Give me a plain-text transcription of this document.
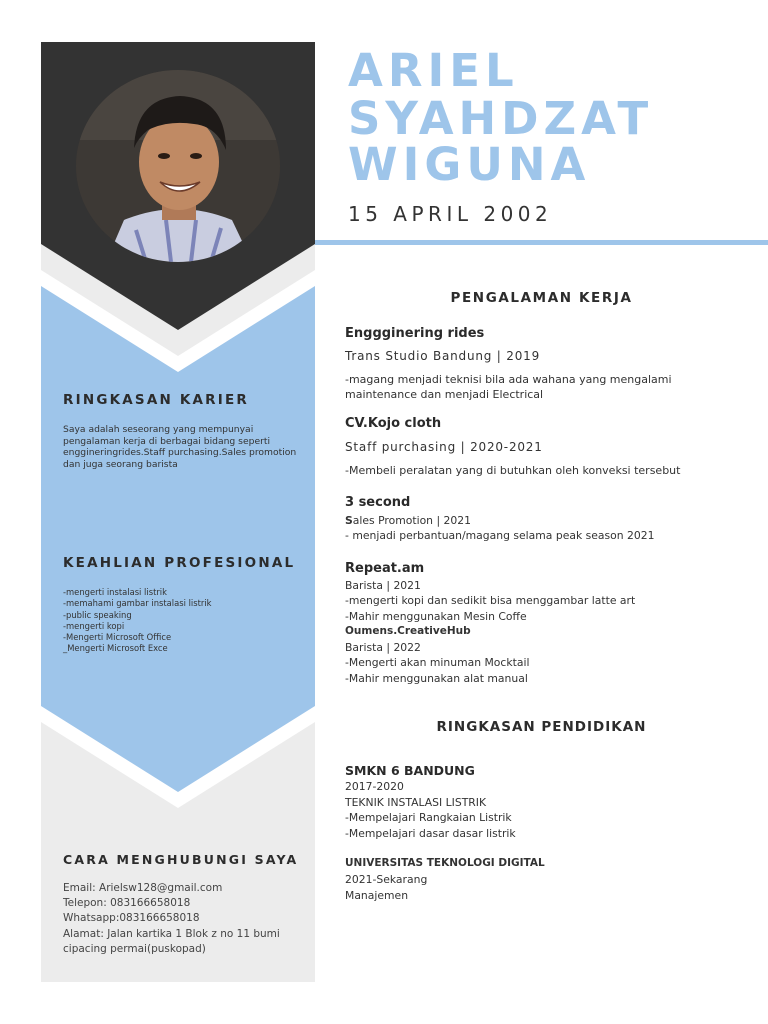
RINGKASAN KARIER
Saya adalah seseorang yang mempunyai pengalaman kerja di berbagai bidang seperti enggineringrides.Staff purchasing.Sales promotion dan juga seorang barista
KEAHLIAN PROFESIONAL
-mengerti instalasi listrik
-memahami gambar instalasi listrik
-public speaking
-mengerti kopi
-Mengerti Microsoft Office
_Mengerti Microsoft Exce
CARA MENGHUBUNGI SAYA
Email: Arielsw128@gmail.com
Telepon: 083166658018
Whatsapp:083166658018
Alamat: Jalan kartika 1 Blok z no 11 bumi
cipacing permai(puskopad)
ARIEL
SYAHDZAT
WIGUNA
15 APRIL 2002
PENGALAMAN KERJA
Enggginering rides
Trans Studio Bandung | 2019
-magang menjadi teknisi bila ada wahana yang mengalami
maintenance dan menjadi Electrical
CV.Kojo cloth
Staff purchasing | 2020-2021
-Membeli peralatan yang di butuhkan oleh konveksi tersebut
3 second
Sales Promotion | 2021
- menjadi perbantuan/magang selama peak season 2021
Repeat.am
Barista | 2021
-mengerti kopi dan sedikit bisa menggambar latte art
-Mahir menggunakan Mesin Coffe
Oumens.CreativeHub
Barista | 2022
-Mengerti akan minuman Mocktail
-Mahir menggunakan alat manual
RINGKASAN PENDIDIKAN
SMKN 6 BANDUNG
2017-2020
TEKNIK INSTALASI LISTRIK
-Mempelajari Rangkaian Listrik
-Mempelajari dasar dasar listrik
UNIVERSITAS TEKNOLOGI DIGITAL
2021-Sekarang
Manajemen
